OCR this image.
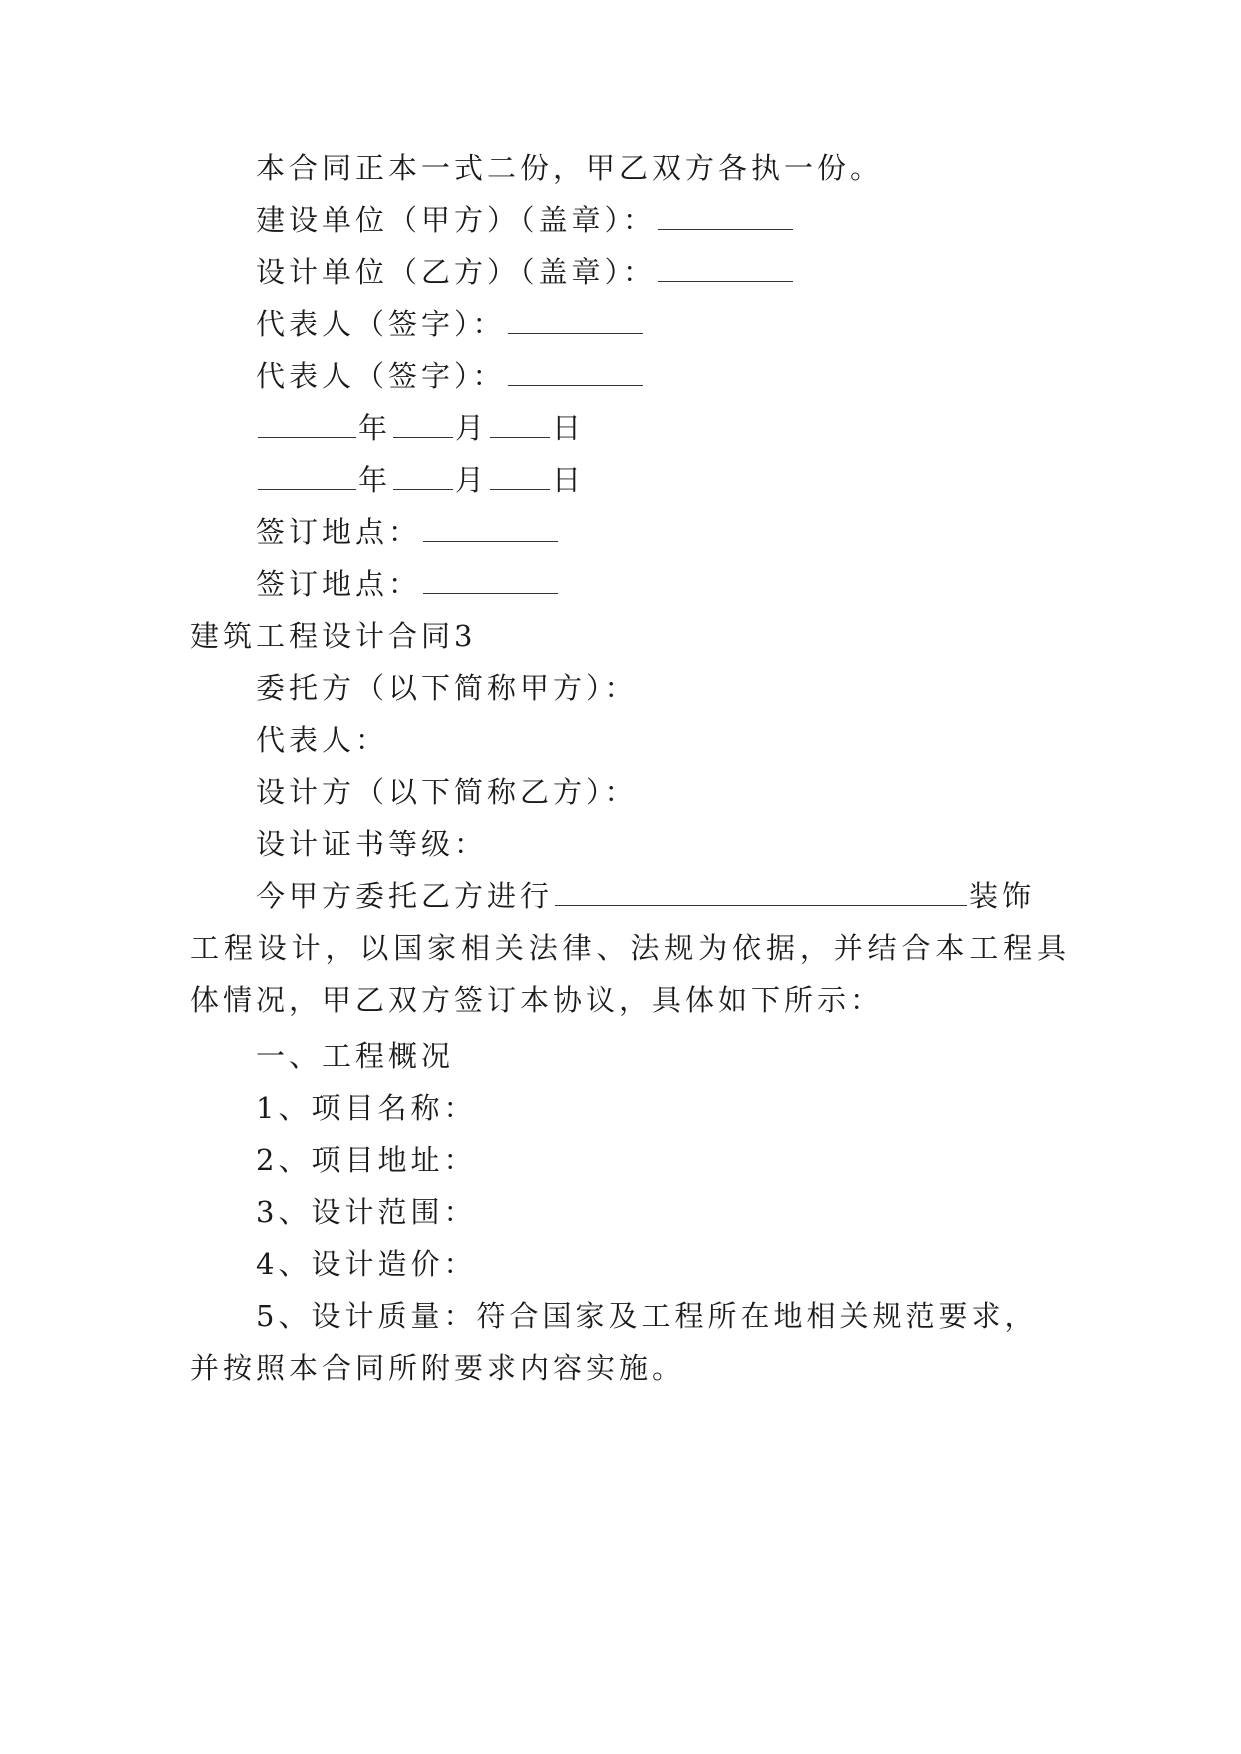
本合同正本一式二份，甲乙双方各执一份。
建设单位（甲方）（盖章）：
设计单位（乙方）（盖章）：
代表人（签字）：
代表人（签字）：
年 月 日
年 月 日
签订地点：
签订地点：
建筑工程设计合同3
委托方（以下简称甲方）：
代表人：
设计方（以下简称乙方）：
设计证书等级：
今甲方委托乙方进行	装饰
工程设计，以国家相关法律、法规为依据，并结合本工程具
体情况，甲乙双方签订本协议，具体如下所示：
一、工程概况
1、项目名称：
2、项目地址：
3、设计范围：
4、设计造价：
5、设计质量：符合国家及工程所在地相关规范要求，
并按照本合同所附要求内容实施。
